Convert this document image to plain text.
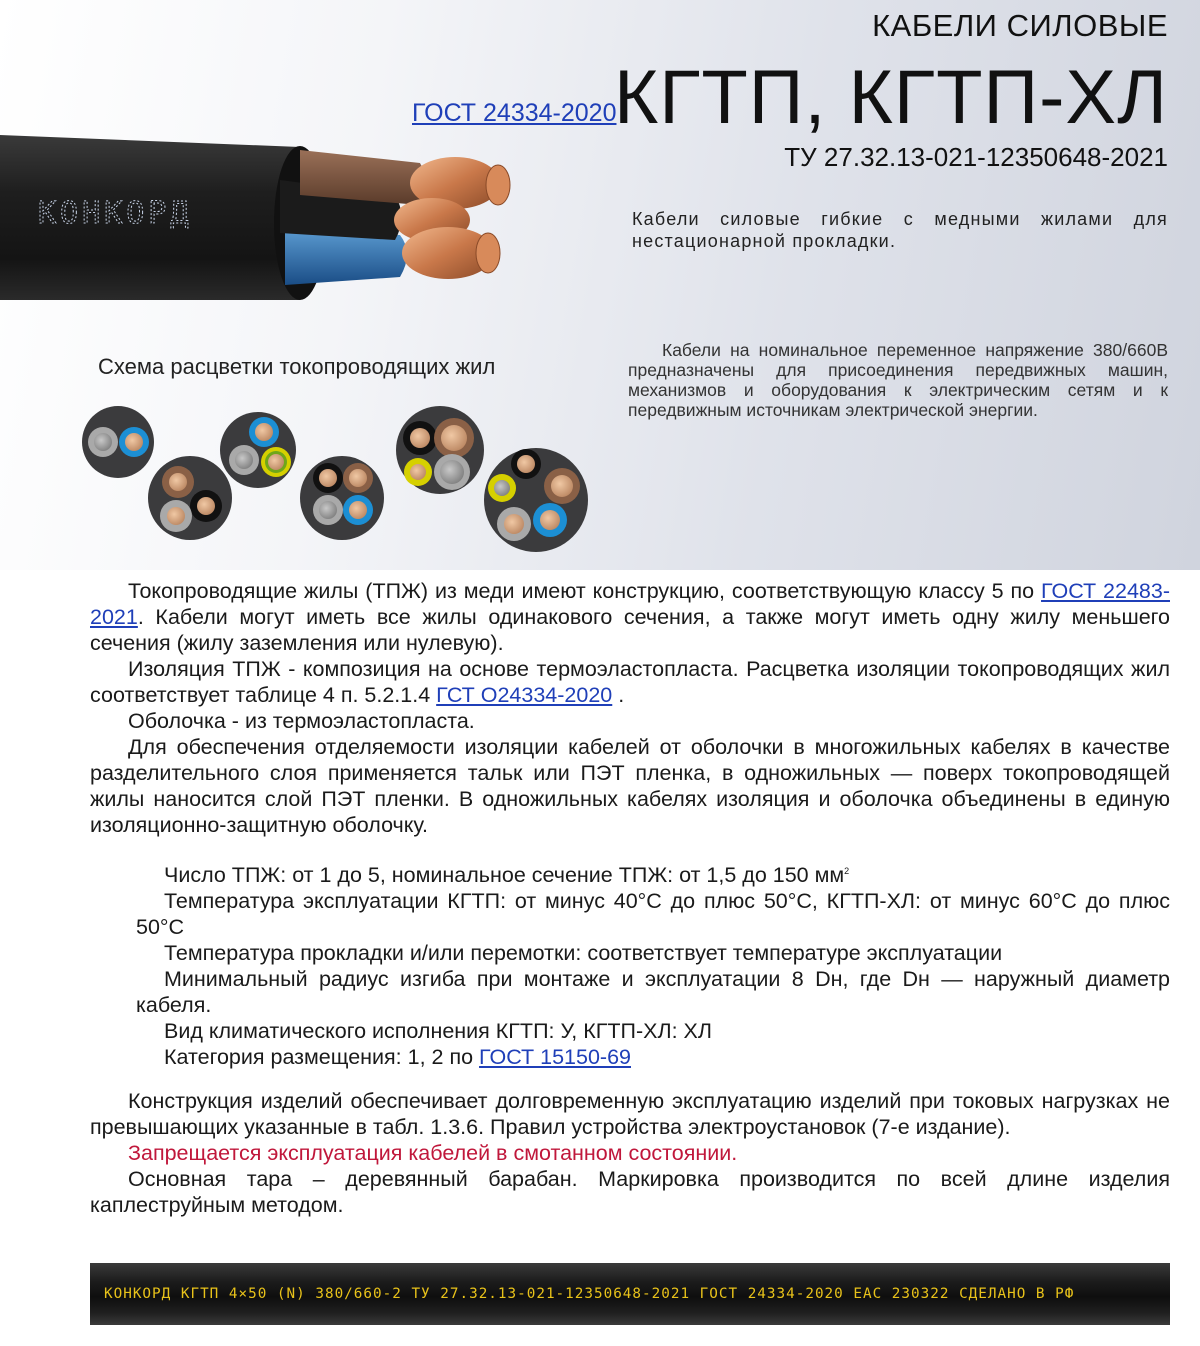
КОНКОРД
КАБЕЛИ СИЛОВЫЕ
ГОСТ 24334-2020
КГТП, КГТП-ХЛ
ТУ 27.32.13-021-12350648-2021
Кабели силовые гибкие с медными жилами для нестационарной прокладки.
Схема расцветки токопроводящих жил
Кабели на номинальное переменное напряжение 380/660В предназначены для присоединения передвижных машин, механизмов и оборудования к электрическим сетям и к передвижным источникам электрической энергии.

Токопроводящие жилы (ТПЖ) из меди имеют конструкцию, соответствующую классу 5 по ГОСТ 22483-2021. Кабели могут иметь все жилы одинакового сечения, а также могут иметь одну жилу меньшего сечения (жилу заземления или нулевую).

Изоляция ТПЖ - композиция на основе термоэластопласта. Расцветка изоляции токопроводящих жил соответствует таблице 4 п. 5.2.1.4 ГСТ О24334-2020 .

Оболочка - из термоэластопласта.

Для обеспечения отделяемости изоляции кабелей от оболочки в многожильных кабелях в качестве разделительного слоя применяется тальк или ПЭТ пленка, в одножильных — поверх токопроводящей жилы наносится слой ПЭТ пленки. В одножильных кабелях изоляция и оболочка объединены в единую изоляционно-защитную оболочку.

Число ТПЖ: от 1 до 5, номинальное сечение ТПЖ: от 1,5 до 150 $мм^2$

Температура эксплуатации КГТП: от минус 40°С до плюс 50°С, КГТП-ХЛ: от минус 60°С до плюс 50°С

Температура прокладки и/или перемотки: соответствует температуре эксплуатации

Минимальный радиус изгиба при монтаже и эксплуатации 8 Dн, где Dн — наружный диаметр кабеля.

Вид климатического исполнения КГТП: У, КГТП-ХЛ: ХЛ

Категория размещения: 1, 2 по ГОСТ 15150-69

Конструкция изделий обеспечивает долговременную эксплуатацию изделий при токовых нагрузках не превышающих указанные в табл. 1.3.6. Правил устройства электроустановок (7-е издание).

Запрещается эксплуатация кабелей в смотанном состоянии.

Основная тара – деревянный барабан. Маркировка производится по всей длине изделия каплеструйным методом.

КОНКОРД КГТП 4×50 (N) 380/660-2 ТУ 27.32.13-021-12350648-2021 ГОСТ 24334-2020 ЕАС 230322 СДЕЛАНО В РФ
